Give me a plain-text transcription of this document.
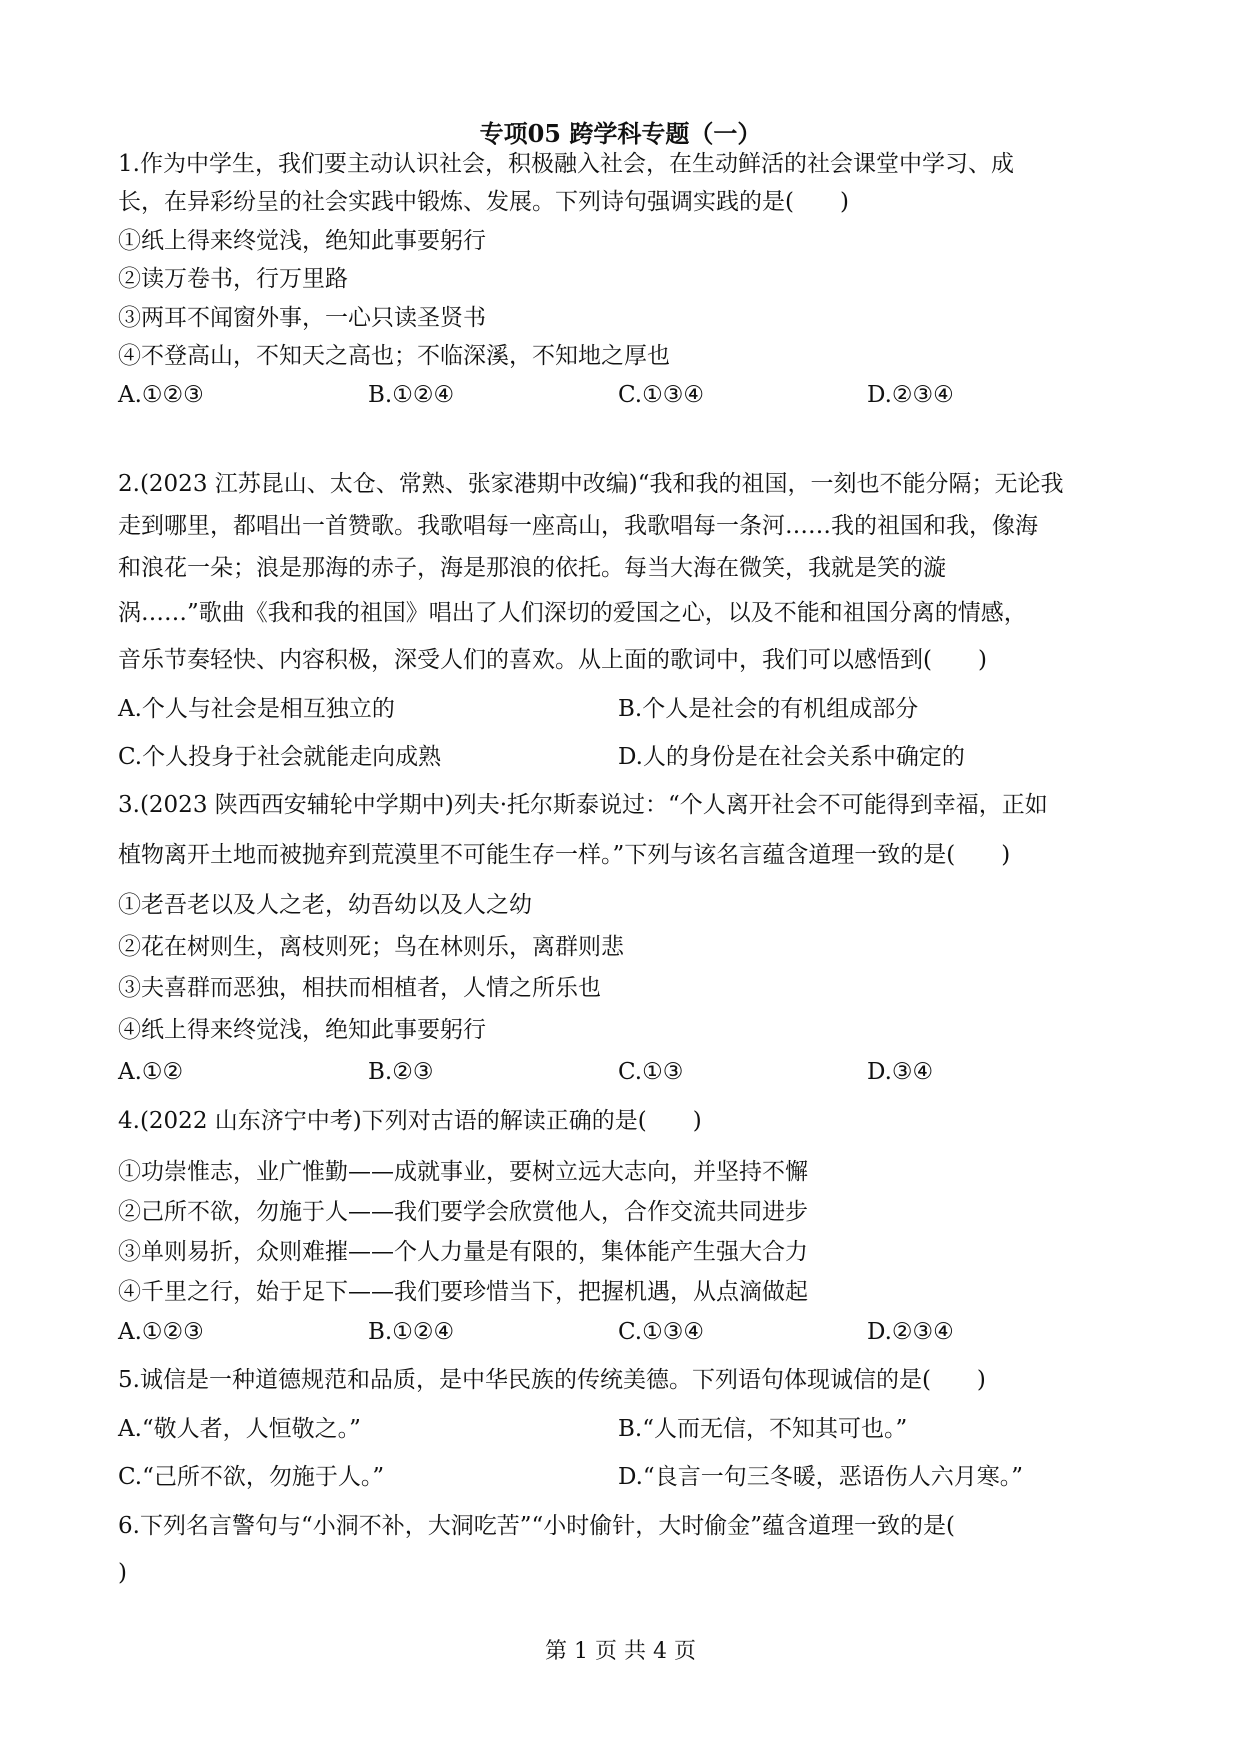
专项05 跨学科专题（一）
1.作为中学生，我们要主动认识社会，积极融入社会，在生动鲜活的社会课堂中学习、成
长，在异彩纷呈的社会实践中锻炼、发展。下列诗句强调实践的是(　　)
①纸上得来终觉浅，绝知此事要躬行
②读万卷书，行万里路
③两耳不闻窗外事，一心只读圣贤书
④不登高山，不知天之高也；不临深溪，不知地之厚也
A.①②③	B.①②④	C.①③④	D.②③④
2.(2023 江苏昆山、太仓、常熟、张家港期中改编)“我和我的祖国，一刻也不能分隔；无论我
走到哪里，都唱出一首赞歌。我歌唱每一座高山，我歌唱每一条河……我的祖国和我，像海
和浪花一朵；浪是那海的赤子，海是那浪的依托。每当大海在微笑，我就是笑的漩
涡……”歌曲《我和我的祖国》唱出了人们深切的爱国之心，以及不能和祖国分离的情感，
音乐节奏轻快、内容积极，深受人们的喜欢。从上面的歌词中，我们可以感悟到(　　)
A.个人与社会是相互独立的	B.个人是社会的有机组成部分
C.个人投身于社会就能走向成熟	D.人的身份是在社会关系中确定的
3.(2023 陕西西安辅轮中学期中)列夫·托尔斯泰说过：“个人离开社会不可能得到幸福，正如
植物离开土地而被抛弃到荒漠里不可能生存一样。”下列与该名言蕴含道理一致的是(　　)
①老吾老以及人之老，幼吾幼以及人之幼
②花在树则生，离枝则死；鸟在林则乐，离群则悲
③夫喜群而恶独，相扶而相植者，人情之所乐也
④纸上得来终觉浅，绝知此事要躬行
A.①②	B.②③	C.①③	D.③④
4.(2022 山东济宁中考)下列对古语的解读正确的是(　　)
①功崇惟志，业广惟勤——成就事业，要树立远大志向，并坚持不懈
②己所不欲，勿施于人——我们要学会欣赏他人，合作交流共同进步
③单则易折，众则难摧——个人力量是有限的，集体能产生强大合力
④千里之行，始于足下——我们要珍惜当下，把握机遇，从点滴做起
A.①②③	B.①②④	C.①③④	D.②③④
5.诚信是一种道德规范和品质，是中华民族的传统美德。下列语句体现诚信的是(　　)
A.“敬人者，人恒敬之。”	B.“人而无信，不知其可也。”
C.“己所不欲，勿施于人。”	D.“良言一句三冬暖，恶语伤人六月寒。”
6.下列名言警句与“小洞不补，大洞吃苦”“小时偷针，大时偷金”蕴含道理一致的是(
)
第 1 页 共 4 页
